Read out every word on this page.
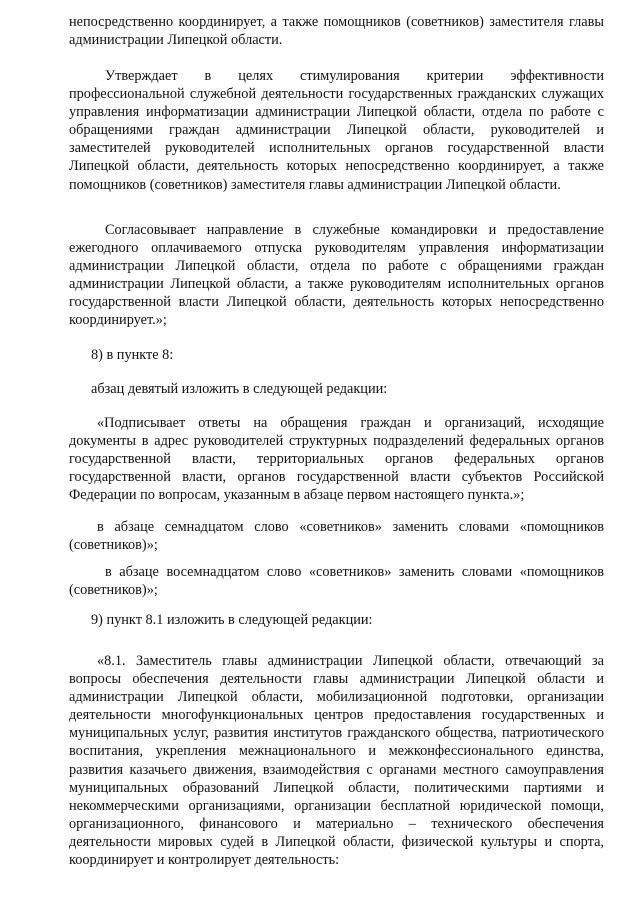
непосредственно координирует, а также помощников (советников) заместителя главы администрации Липецкой области.

Утверждает в целях стимулирования критерии эффективности профессиональной служебной деятельности государственных гражданских служащих управления информатизации администрации Липецкой области, отдела по работе с обращениями граждан администрации Липецкой области, руководителей и заместителей руководителей исполнительных органов государственной власти Липецкой области, деятельность которых непосредственно координирует, а также помощников (советников) заместителя главы администрации Липецкой области.

Согласовывает направление в служебные командировки и предоставление ежегодного оплачиваемого отпуска руководителям управления информатизации администрации Липецкой области, отдела по работе с обращениями граждан администрации Липецкой области, а также руководителям исполнительных органов государственной власти Липецкой области, деятельность которых непосредственно координирует.»;

8) в пункте 8:

абзац девятый изложить в следующей редакции:

«Подписывает ответы на обращения граждан и организаций, исходящие документы в адрес руководителей структурных подразделений федеральных органов государственной власти, территориальных органов федеральных органов государственной власти, органов государственной власти субъектов Российской Федерации по вопросам, указанным в абзаце первом настоящего пункта.»;

в абзаце семнадцатом слово «советников» заменить словами «помощников (советников)»;

в абзаце восемнадцатом слово «советников» заменить словами «помощников (советников)»;

9) пункт 8.1 изложить в следующей редакции:

«8.1. Заместитель главы администрации Липецкой области, отвечающий за вопросы обеспечения деятельности главы администрации Липецкой области и администрации Липецкой области, мобилизационной подготовки, организации деятельности многофункциональных центров предоставления государственных и муниципальных услуг, развития институтов гражданского общества, патриотического воспитания, укрепления межнационального и межконфессионального единства, развития казачьего движения, взаимодействия с органами местного самоуправления муниципальных образований Липецкой области, политическими партиями и некоммерческими организациями, организации бесплатной юридической помощи, организационного, финансового и материально – технического обеспечения деятельности мировых судей в Липецкой области, физической культуры и спорта, координирует и контролирует деятельность:
